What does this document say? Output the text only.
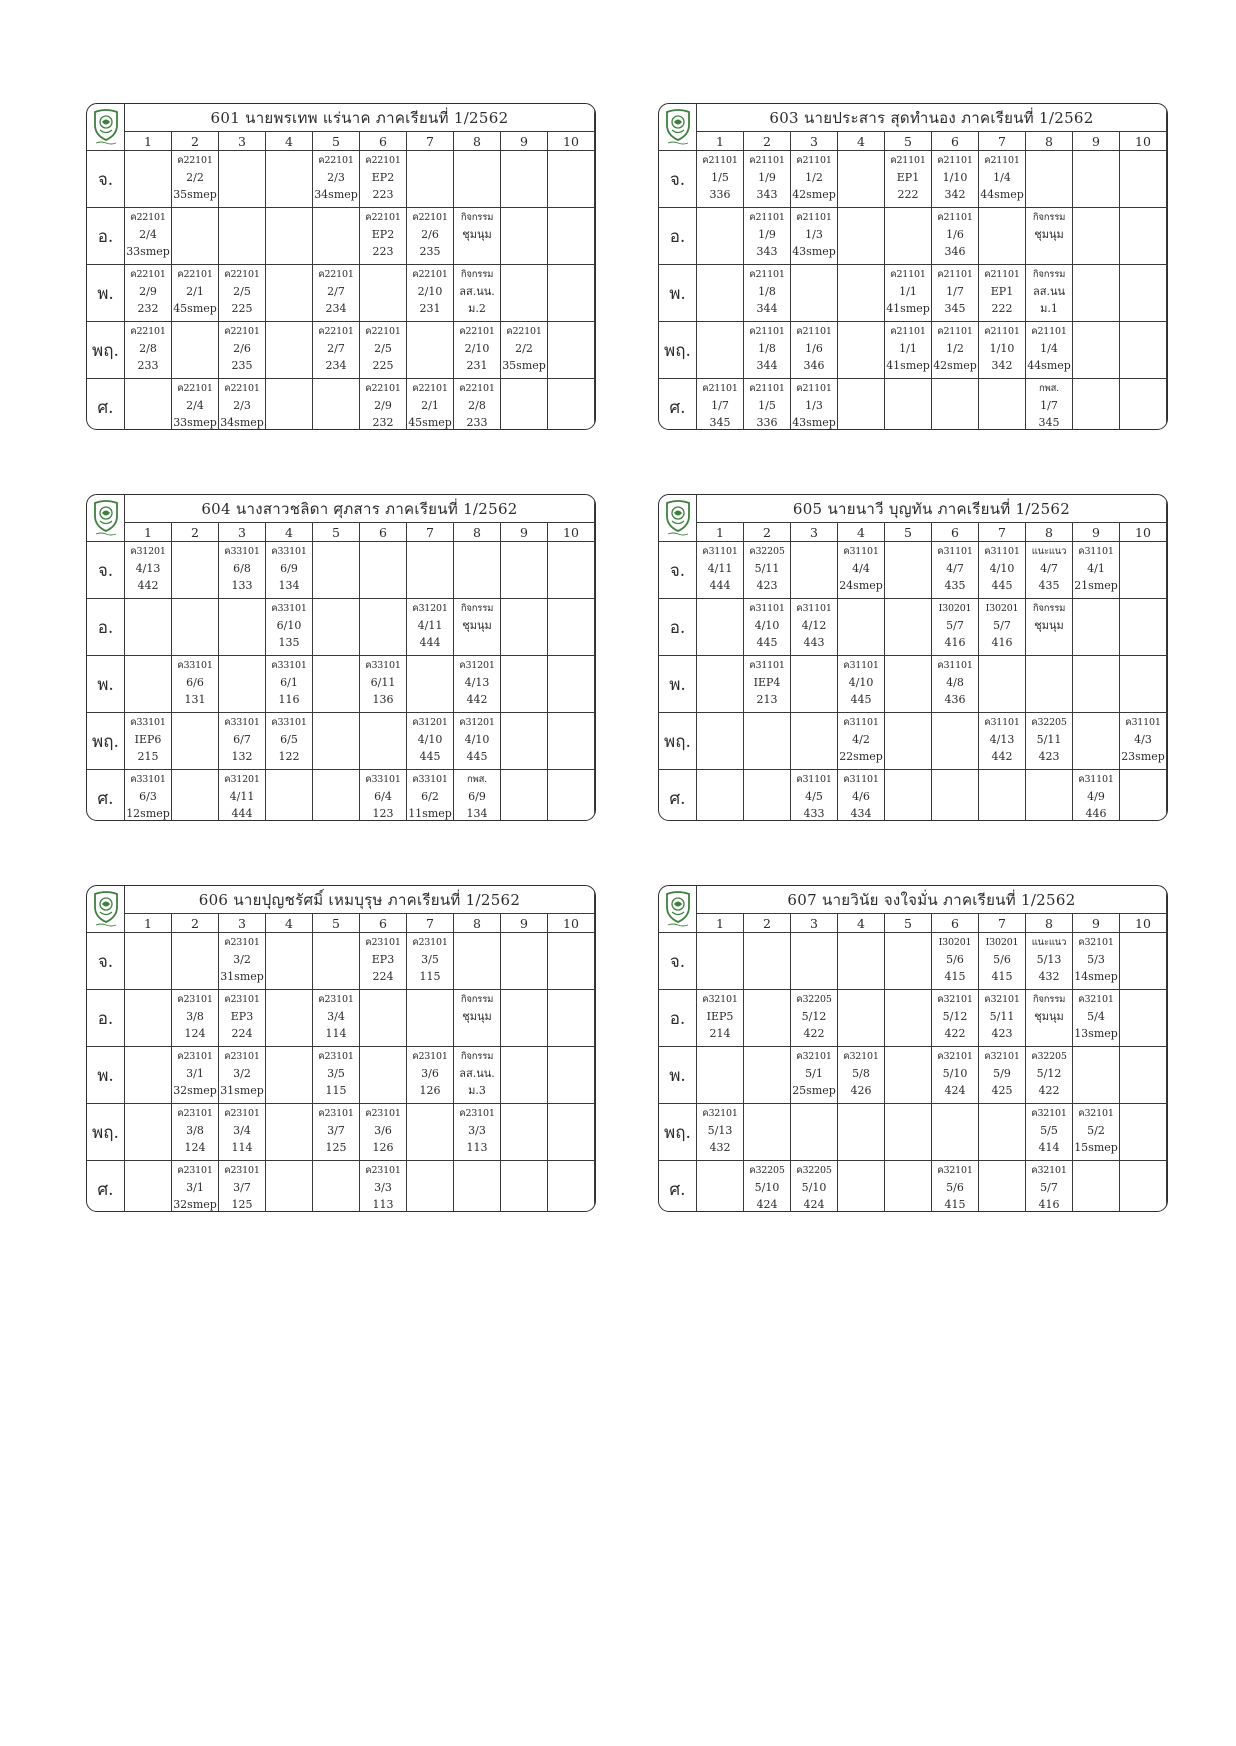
	601 นายพรเทพ แร่นาค ภาคเรียนที่ 1/2562									
	1	2	3	4	5	6	7	8	9	10
จ.		ค22101
2/2
35smep			ค22101
2/3
34smep	ค22101
EP2
223				

อ.	ค22101
2/4
33smep					ค22101
EP2
223	ค22101
2/6
235	กิจกรรม
ชุมนุม		

พ.	ค22101
2/9
232	ค22101
2/1
45smep	ค22101
2/5
225		ค22101
2/7
234		ค22101
2/10
231	กิจกรรม
ลส.นน.
ม.2		

พฤ.	ค22101
2/8
233		ค22101
2/6
235		ค22101
2/7
234	ค22101
2/5
225		ค22101
2/10
231	ค22101
2/2
35smep	

ศ.		ค22101
2/4
33smep	ค22101
2/3
34smep			ค22101
2/9
232	ค22101
2/1
45smep	ค22101
2/8
233		

	603 นายประสาร สุดทำนอง ภาคเรียนที่ 1/2562									
	1	2	3	4	5	6	7	8	9	10
จ.	ค21101
1/5
336	ค21101
1/9
343	ค21101
1/2
42smep		ค21101
EP1
222	ค21101
1/10
342	ค21101
1/4
44smep			

อ.		ค21101
1/9
343	ค21101
1/3
43smep			ค21101
1/6
346		กิจกรรม
ชุมนุม		

พ.		ค21101
1/8
344			ค21101
1/1
41smep	ค21101
1/7
345	ค21101
EP1
222	กิจกรรม
ลส.นน
ม.1		

พฤ.		ค21101
1/8
344	ค21101
1/6
346		ค21101
1/1
41smep	ค21101
1/2
42smep	ค21101
1/10
342	ค21101
1/4
44smep		

ศ.	ค21101
1/7
345	ค21101
1/5
336	ค21101
1/3
43smep					กพส.
1/7
345		

	604 นางสาวชลิดา ศุภสาร ภาคเรียนที่ 1/2562									
	1	2	3	4	5	6	7	8	9	10
จ.	ค31201
4/13
442		ค33101
6/8
133	ค33101
6/9
134						

อ.				ค33101
6/10
135			ค31201
4/11
444	กิจกรรม
ชุมนุม		

พ.		ค33101
6/6
131		ค33101
6/1
116		ค33101
6/11
136		ค31201
4/13
442		

พฤ.	ค33101
IEP6
215		ค33101
6/7
132	ค33101
6/5
122			ค31201
4/10
445	ค31201
4/10
445		

ศ.	ค33101
6/3
12smep		ค31201
4/11
444			ค33101
6/4
123	ค33101
6/2
11smep	กพส.
6/9
134		

	605 นายนาวี บุญทัน ภาคเรียนที่ 1/2562									
	1	2	3	4	5	6	7	8	9	10
จ.	ค31101
4/11
444	ค32205
5/11
423		ค31101
4/4
24smep		ค31101
4/7
435	ค31101
4/10
445	แนะแนว
4/7
435	ค31101
4/1
21smep	

อ.		ค31101
4/10
445	ค31101
4/12
443			I30201
5/7
416	I30201
5/7
416	กิจกรรม
ชุมนุม		

พ.		ค31101
IEP4
213		ค31101
4/10
445		ค31101
4/8
436				

พฤ.				ค31101
4/2
22smep			ค31101
4/13
442	ค32205
5/11
423		ค31101
4/3
23smep

ศ.			ค31101
4/5
433	ค31101
4/6
434					ค31101
4/9
446	

	606 นายปุญชรัศมิ์ เหมบุรุษ ภาคเรียนที่ 1/2562									
	1	2	3	4	5	6	7	8	9	10
จ.			ค23101
3/2
31smep			ค23101
EP3
224	ค23101
3/5
115			

อ.		ค23101
3/8
124	ค23101
EP3
224		ค23101
3/4
114			กิจกรรม
ชุมนุม		

พ.		ค23101
3/1
32smep	ค23101
3/2
31smep		ค23101
3/5
115		ค23101
3/6
126	กิจกรรม
ลส.นน.
ม.3		

พฤ.		ค23101
3/8
124	ค23101
3/4
114		ค23101
3/7
125	ค23101
3/6
126		ค23101
3/3
113		

ศ.		ค23101
3/1
32smep	ค23101
3/7
125			ค23101
3/3
113				

	607 นายวินัย จงใจมั่น ภาคเรียนที่ 1/2562									
	1	2	3	4	5	6	7	8	9	10
จ.						I30201
5/6
415	I30201
5/6
415	แนะแนว
5/13
432	ค32101
5/3
14smep	

อ.	ค32101
IEP5
214		ค32205
5/12
422			ค32101
5/12
422	ค32101
5/11
423	กิจกรรม
ชุมนุม	ค32101
5/4
13smep	

พ.			ค32101
5/1
25smep	ค32101
5/8
426		ค32101
5/10
424	ค32101
5/9
425	ค32205
5/12
422		

พฤ.	ค32101
5/13
432							ค32101
5/5
414	ค32101
5/2
15smep	

ศ.		ค32205
5/10
424	ค32205
5/10
424			ค32101
5/6
415		ค32101
5/7
416		
